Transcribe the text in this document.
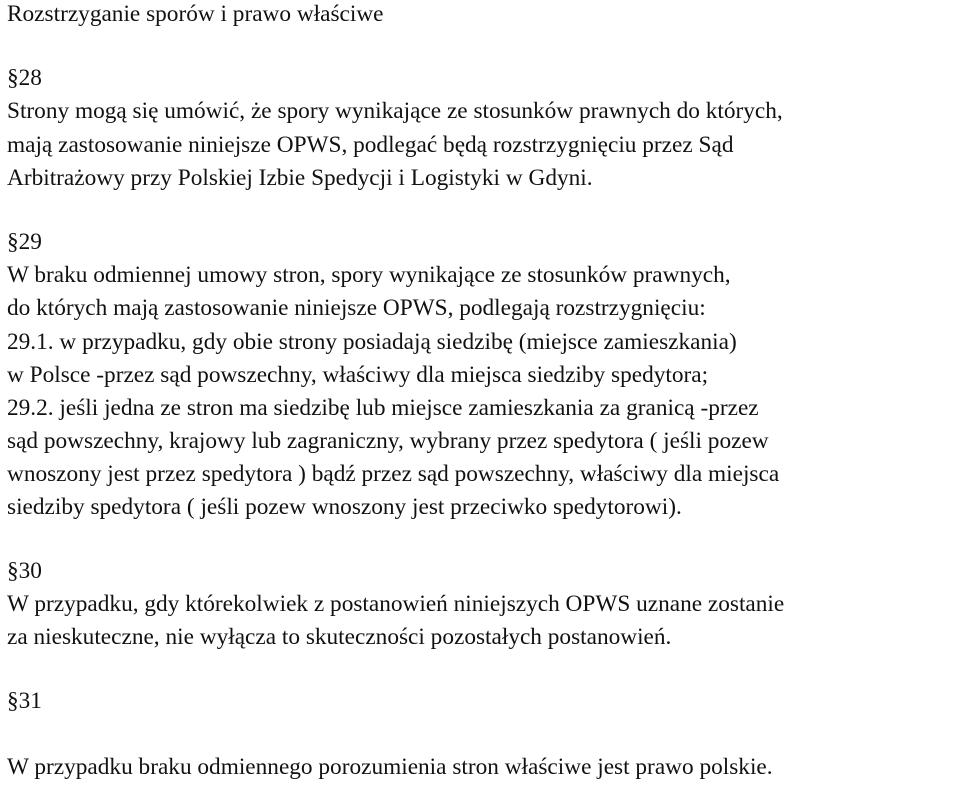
Rozstrzyganie sporów i prawo właściwe
§28
Strony mogą się umówić, że spory wynikające ze stosunków prawnych do których,
mają zastosowanie niniejsze OPWS, podlegać będą rozstrzygnięciu przez Sąd
Arbitrażowy przy Polskiej Izbie Spedycji i Logistyki w Gdyni.
§29
W braku odmiennej umowy stron, spory wynikające ze stosunków prawnych,
do których mają zastosowanie niniejsze OPWS, podlegają rozstrzygnięciu:
29.1. w przypadku, gdy obie strony posiadają siedzibę (miejsce zamieszkania)
w Polsce -przez sąd powszechny, właściwy dla miejsca siedziby spedytora;
29.2. jeśli jedna ze stron ma siedzibę lub miejsce zamieszkania za granicą -przez
sąd powszechny, krajowy lub zagraniczny, wybrany przez spedytora ( jeśli pozew
wnoszony jest przez spedytora ) bądź przez sąd powszechny, właściwy dla miejsca
siedziby spedytora ( jeśli pozew wnoszony jest przeciwko spedytorowi).
§30
W przypadku, gdy którekolwiek z postanowień niniejszych OPWS uznane zostanie
za nieskuteczne, nie wyłącza to skuteczności pozostałych postanowień.
§31
W przypadku braku odmiennego porozumienia stron właściwe jest prawo polskie.
